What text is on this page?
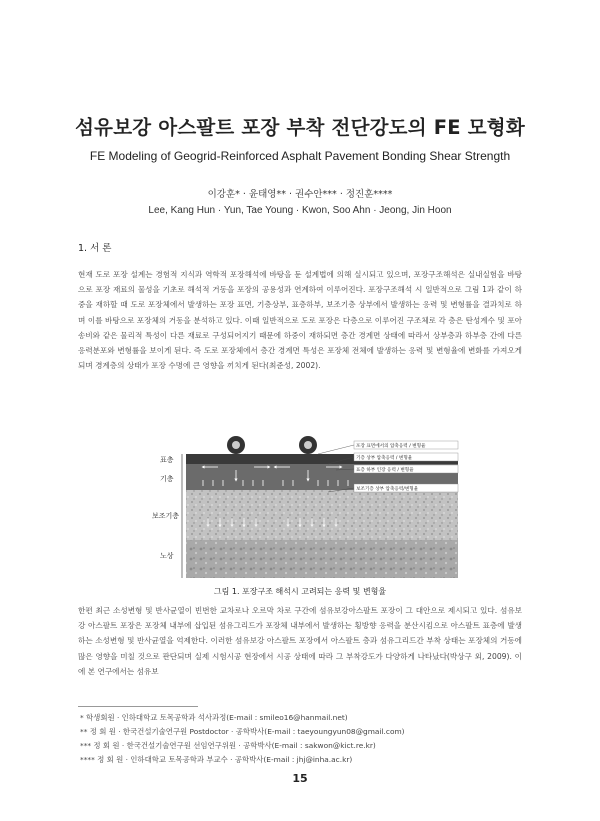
섬유보강 아스팔트 포장 부착 전단강도의 FE 모형화
FE Modeling of Geogrid-Reinforced Asphalt Pavement Bonding Shear Strength
이강훈* · 윤태영** · 권수안*** · 정진훈****
Lee, Kang Hun · Yun, Tae Young · Kwon, Soo Ahn · Jeong, Jin Hoon
1. 서 론

현재 도로 포장 설계는 경험적 지식과 역학적 포장해석에 바탕을 둔 설계법에 의해 실시되고 있으며, 포장구조해석은 실내실험을 바탕으로 포장 재료의 물성을 기초로 해석적 거동을 포장의 공용성과 연계하여 이루어진다. 포장구조해석 시 일반적으로 그림 1과 같이 하중을 재하할 때 도로 포장체에서 발생하는 포장 표면, 기층상부, 표층하부, 보조기층 상부에서 발생하는 응력 및 변형률을 결과치로 하며 이를 바탕으로 포장체의 거동을 분석하고 있다. 이때 일반적으로 도로 포장은 다층으로 이루어진 구조체로 각 층은 탄성계수 및 포아송비와 같은 물리적 특성이 다른 재료로 구성되어지기 때문에 하중이 재하되면 층간 경계면 상태에 따라서 상부층과 하부층 간에 다른 응력분포와 변형률을 보이게 된다. 즉 도로 포장체에서 층간 경계면 특성은 포장체 전체에 발생하는 응력 및 변형율에 변화를 가져오게 되며 경계층의 상태가 포장 수명에 큰 영향을 끼치게 된다(최준성, 2002).

표층
기층
보조기층
노상
포장 표면에서의 압축응력 / 변형율
기층 상부 압축응력 / 변형율
표층 하부 인장 응력 / 변형율
보조기층 상부 압축응력/변형율
그림 1. 포장구조 해석시 고려되는 응력 및 변형율

한편 최근 소성변형 및 반사균열이 빈번한 교차로나 오르막 차로 구간에 섬유보강아스팔트 포장이 그 대안으로 제시되고 있다. 섬유보강 아스팔트 포장은 포장체 내부에 삽입된 섬유그리드가 포장체 내부에서 발생하는 횡방향 응력을 분산시킴으로 아스팔트 표층에 발생하는 소성변형 및 반사균열을 억제한다. 이러한 섬유보강 아스팔트 포장에서 아스팔트 층과 섬유그리드간 부착 상태는 포장체의 거동에 많은 영향을 미칠 것으로 판단되며 실제 시험시공 현장에서 시공 상태에 따라 그 부착강도가 다양하게 나타났다(박상구 외, 2009). 이에 본 연구에서는 섬유보

* 학생회원 · 인하대학교 토목공학과 석사과정(E-mail : smileo16@hanmail.net)

** 정 회 원 · 한국건설기술연구원 Postdoctor · 공학박사(E-mail : taeyoungyun08@gmail.com)

*** 정 회 원 · 한국건설기술연구원 선임연구위원 · 공학박사(E-mail : sakwon@kict.re.kr)

**** 정 회 원 · 인하대학교 토목공학과 부교수 · 공학박사(E-mail : jhj@inha.ac.kr)

15
